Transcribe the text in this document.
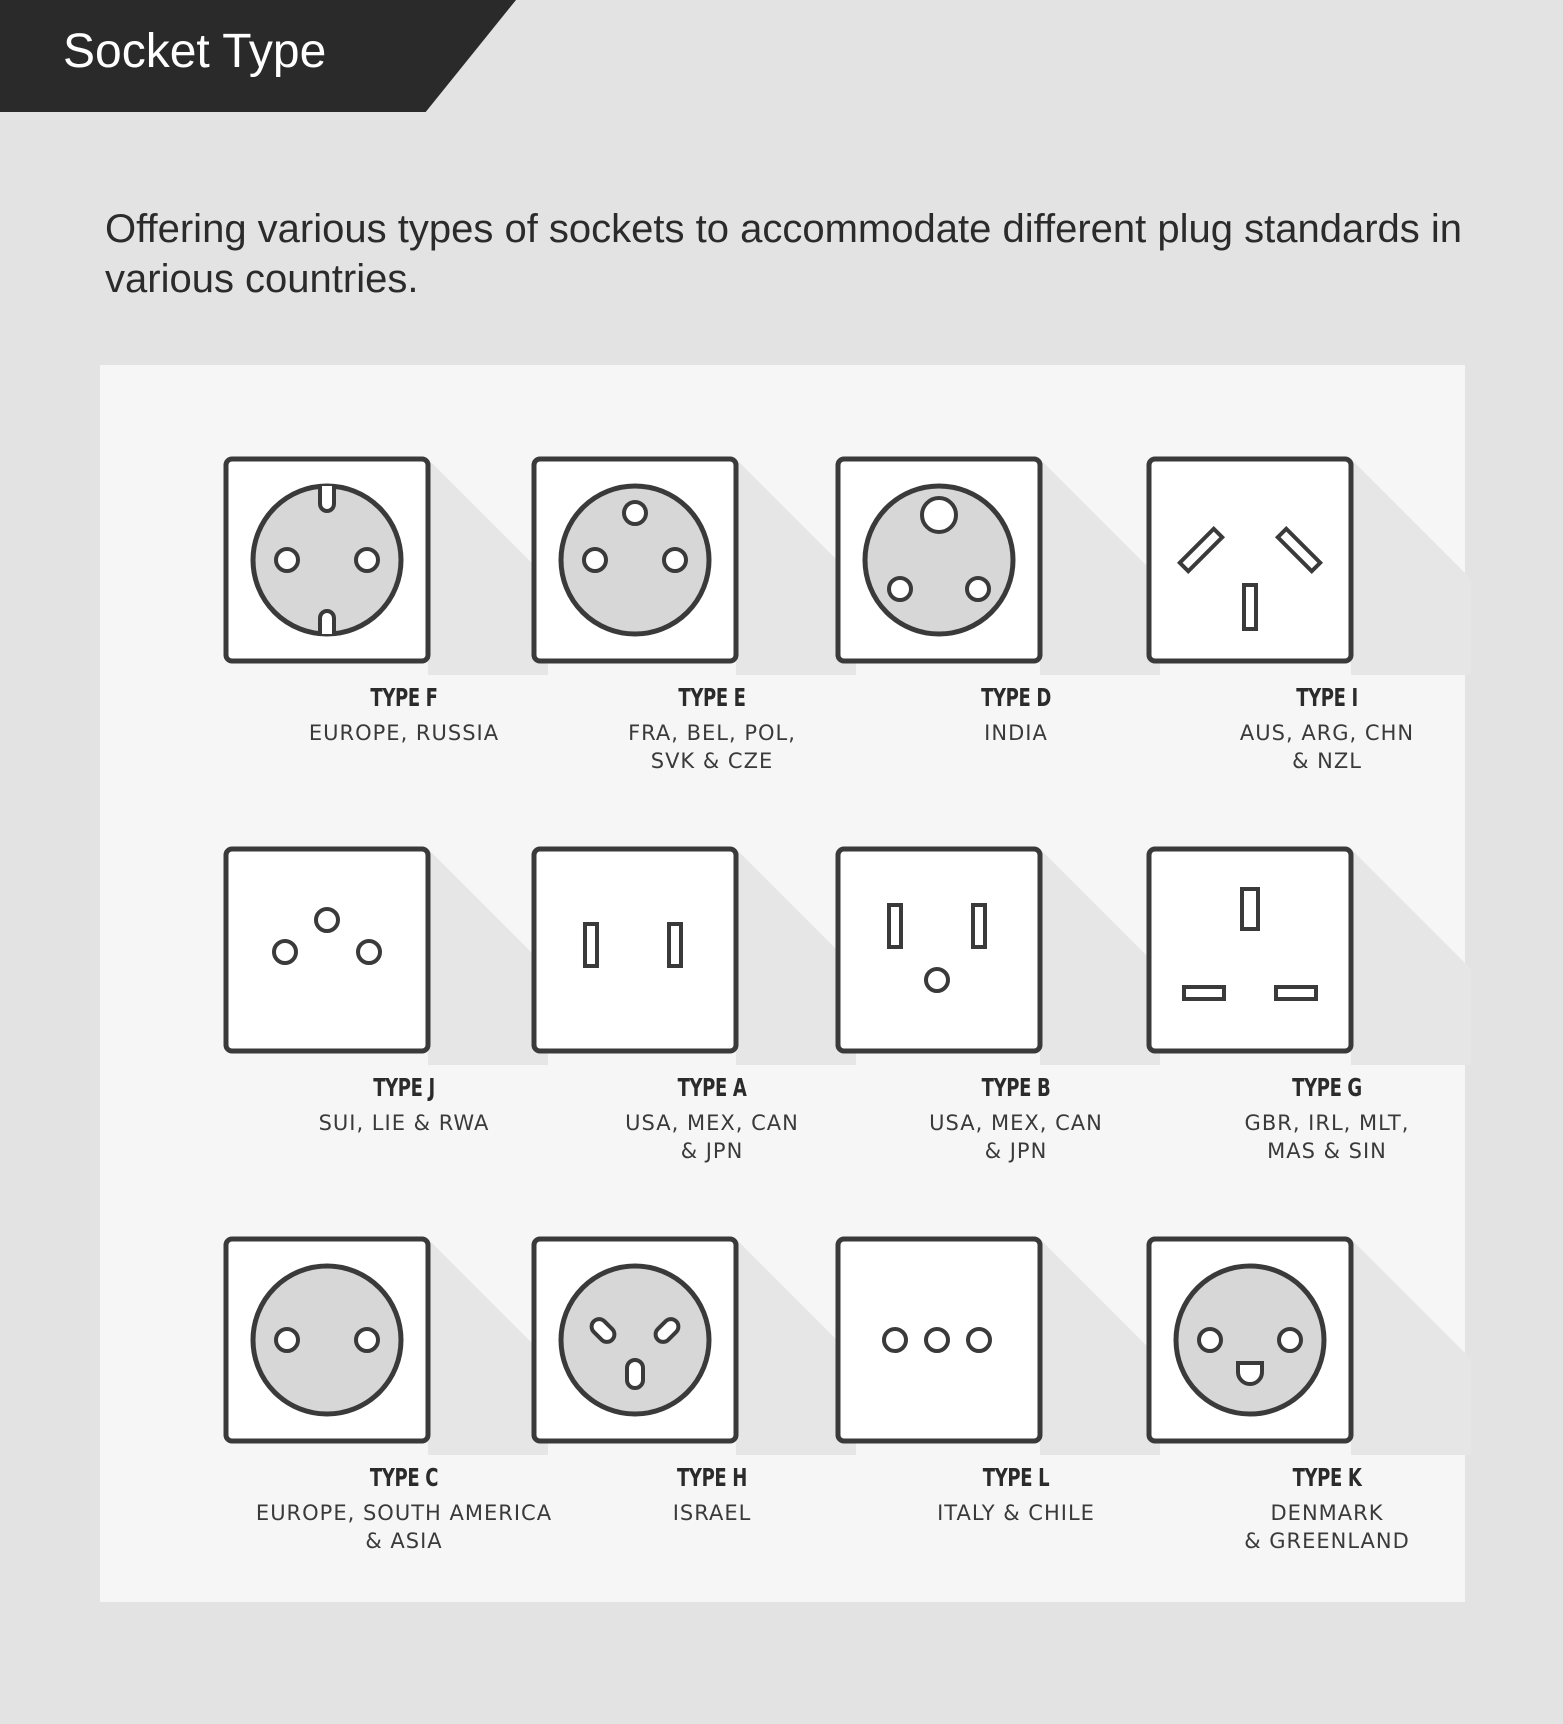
Socket Type
Offering various types of sockets to accommodate different plug standards in various countries.
TYPE F
EUROPE, RUSSIA
TYPE E
FRA, BEL, POL,
SVK & CZE
TYPE D
INDIA
TYPE I
AUS, ARG, CHN
& NZL
TYPE J
SUI, LIE & RWA
TYPE A
USA, MEX, CAN
& JPN
TYPE B
USA, MEX, CAN
& JPN
TYPE G
GBR, IRL, MLT,
MAS & SIN
TYPE C
EUROPE, SOUTH AMERICA
& ASIA
TYPE H
ISRAEL
TYPE L
ITALY & CHILE
TYPE K
DENMARK
& GREENLAND
